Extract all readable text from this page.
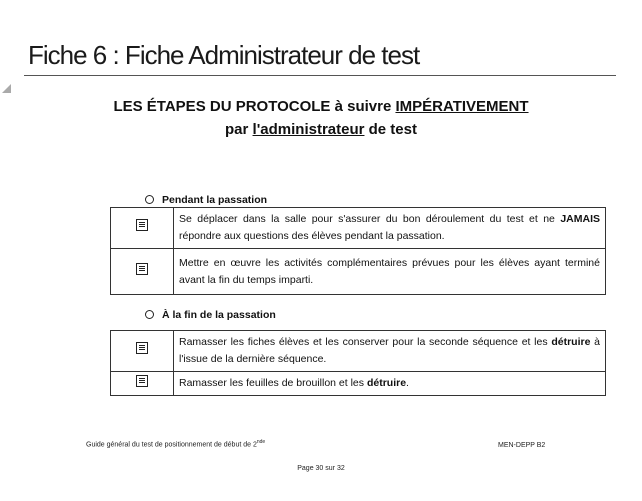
Fiche 6 : Fiche Administrateur de test
LES ÉTAPES DU PROTOCOLE à suivre IMPÉRATIVEMENT
par l'administrateur de test
Pendant la passation
	Se déplacer dans la salle pour s'assurer du bon déroulement du test et ne JAMAIS répondre aux questions des élèves pendant la passation.
	Mettre en œuvre les activités complémentaires prévues pour les élèves ayant terminé avant la fin du temps imparti.
À la fin de la passation
	Ramasser les fiches élèves et les conserver pour la seconde séquence et les détruire à l'issue de la dernière séquence.
	Ramasser les feuilles de brouillon et les détruire.
Guide général du test de positionnement de début de 2nde	MEN-DEPP B2
Page 30 sur 32
